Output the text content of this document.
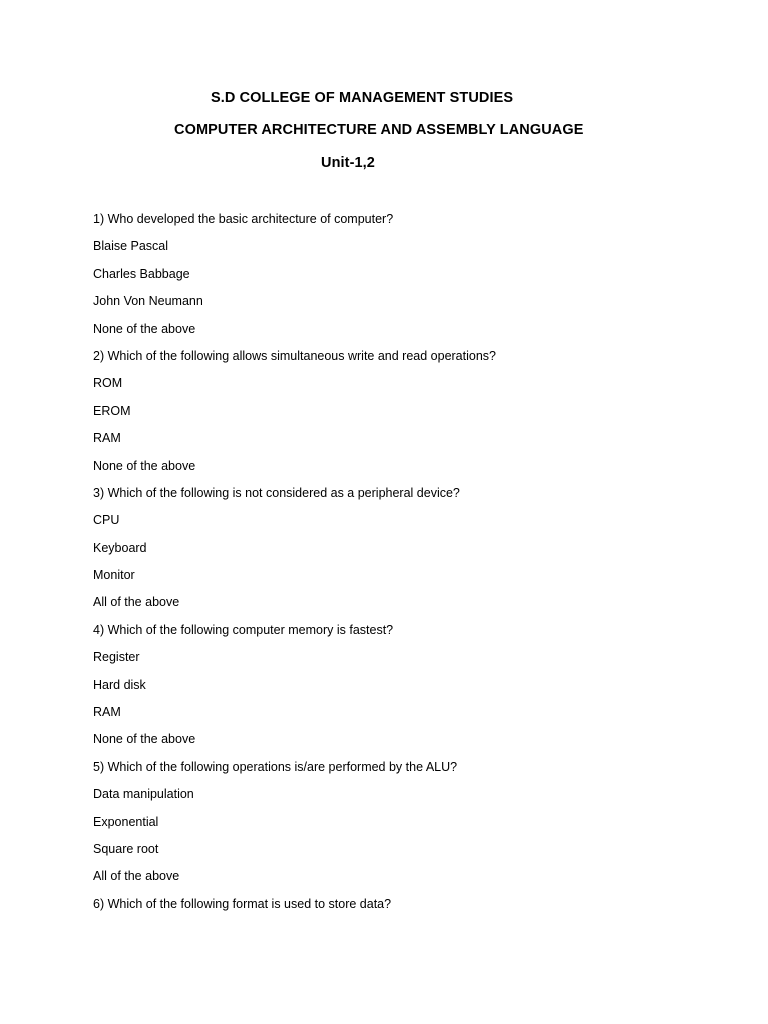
S.D COLLEGE OF MANAGEMENT STUDIES
COMPUTER ARCHITECTURE AND ASSEMBLY LANGUAGE
Unit-1,2
1) Who developed the basic architecture of computer?
Blaise Pascal
Charles Babbage
John Von Neumann
None of the above
2) Which of the following allows simultaneous write and read operations?
ROM
EROM
RAM
None of the above
3) Which of the following is not considered as a peripheral device?
CPU
Keyboard
Monitor
All of the above
4) Which of the following computer memory is fastest?
Register
Hard disk
RAM
None of the above
5) Which of the following operations is/are performed by the ALU?
Data manipulation
Exponential
Square root
All of the above
6) Which of the following format is used to store data?
